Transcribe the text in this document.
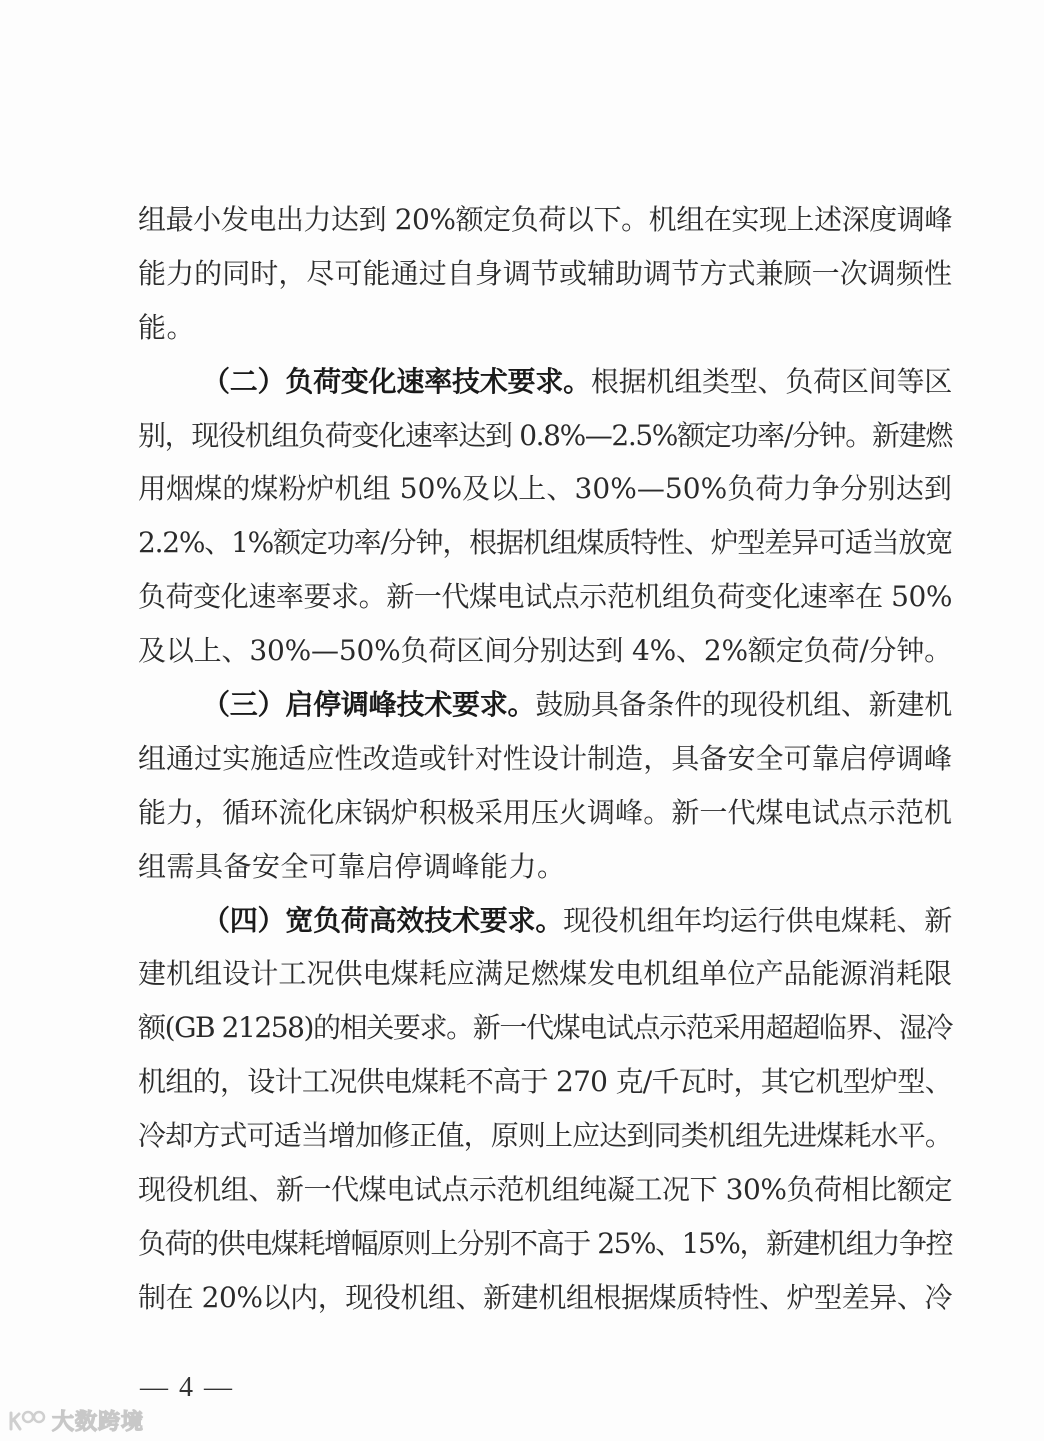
组最小发电出力达到 20%额定负荷以下。机组在实现上述深度调峰
能力的同时，尽可能通过自身调节或辅助调节方式兼顾一次调频性
能。
（二）负荷变化速率技术要求。根据机组类型、负荷区间等区
别，现役机组负荷变化速率达到 0.8%—2.5%额定功率/分钟。新建燃
用烟煤的煤粉炉机组 50%及以上、30%—50%负荷力争分别达到
2.2%、1%额定功率/分钟，根据机组煤质特性、炉型差异可适当放宽
负荷变化速率要求。新一代煤电试点示范机组负荷变化速率在 50%
及以上、30%—50%负荷区间分别达到 4%、2%额定负荷/分钟。
（三）启停调峰技术要求。鼓励具备条件的现役机组、新建机
组通过实施适应性改造或针对性设计制造，具备安全可靠启停调峰
能力，循环流化床锅炉积极采用压火调峰。新一代煤电试点示范机
组需具备安全可靠启停调峰能力。
（四）宽负荷高效技术要求。现役机组年均运行供电煤耗、新
建机组设计工况供电煤耗应满足燃煤发电机组单位产品能源消耗限
额(GB 21258)的相关要求。新一代煤电试点示范采用超超临界、湿冷
机组的，设计工况供电煤耗不高于 270 克/千瓦时，其它机型炉型、
冷却方式可适当增加修正值，原则上应达到同类机组先进煤耗水平。
现役机组、新一代煤电试点示范机组纯凝工况下 30%负荷相比额定
负荷的供电煤耗增幅原则上分别不高于 25%、15%，新建机组力争控
制在 20%以内，现役机组、新建机组根据煤质特性、炉型差异、冷
— 4 —
大数跨境
